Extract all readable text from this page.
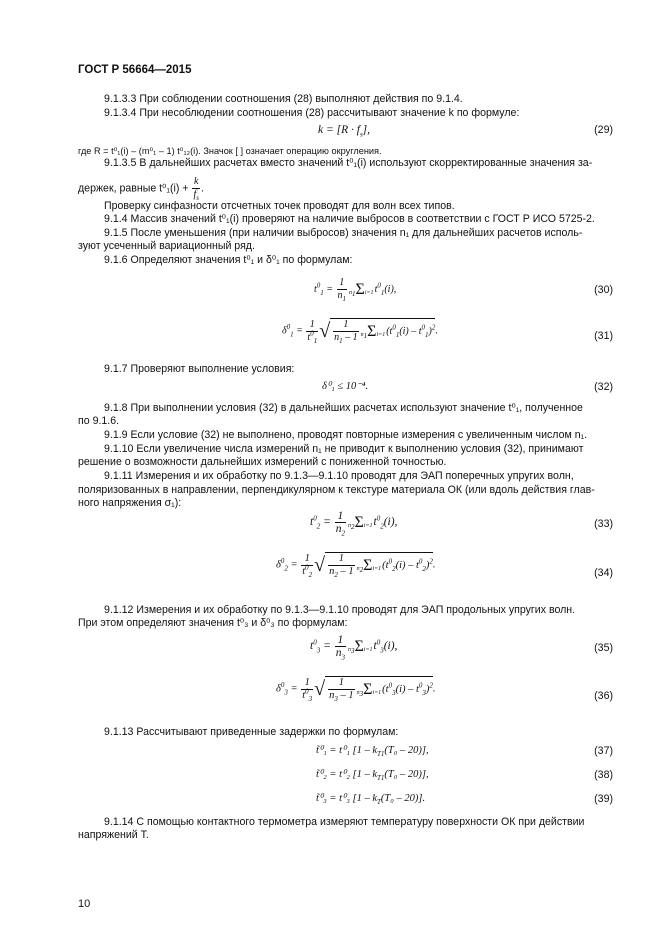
ГОСТ Р 56664—2015
9.1.3.3 При соблюдении соотношения (28) выполняют действия по 9.1.4.
9.1.3.4 При несоблюдении соотношения (28) рассчитывают значение k по формуле:
$k = [R \cdot f_s]$,	(29)
где R = t⁰₁(i) – (m⁰₁ – 1) t⁰₁₂(i). Значок [ ] означает операцию округления.
9.1.3.5 В дальнейших расчетах вместо значений t⁰₁(i) используют скорректированные значения за-
держек, равные $t^0_1(i) + \frac{k}{f_s}$ .
Проверку синфазности отсчетных точек проводят для волн всех типов.
9.1.4 Массив значений t⁰₁(i) проверяют на наличие выбросов в соответствии с ГОСТ Р ИСО 5725-2.
9.1.5 После уменьшения (при наличии выбросов) значения n₁ для дальнейших расчетов исполь-
зуют усеченный вариационный ряд.
9.1.6 Определяют значения t⁰₁ и δ⁰₁ по формулам:
$t^0_1 = \frac{1}{n_1} n_1\Sigma i=1t^0_1(i)$,	(30)
$\delta^0_1 = \frac{1}{t^0_1}$ √ $\frac{1}{n_1 - 1} n_1\Sigma i=1(t^0_1(i) - t^0_1)^2$.	(31)
9.1.7 Проверяют выполнение условия:
δ⁰₁ ≤ 10⁻⁴.	(32)
9.1.8 При выполнении условия (32) в дальнейших расчетах используют значение t⁰₁, полученное
по 9.1.6.
9.1.9 Если условие (32) не выполнено, проводят повторные измерения с увеличенным числом n₁.
9.1.10 Если увеличение числа измерений n₁ не приводит к выполнению условия (32), принимают
решение о возможности дальнейших измерений с пониженной точностью.
9.1.11 Измерения и их обработку по 9.1.3—9.1.10 проводят для ЭАП поперечных упругих волн,
поляризованных в направлении, перпендикулярном к текстуре материала ОК (или вдоль действия глав-
ного напряжения σ₁):
$t^0_2 = \frac{1}{n_2} n_2\Sigma i=1t^0_2(i)$,	(33)
$\delta^0_2 = \frac{1}{t^0_2}$ √ $\frac{1}{n_2 - 1} n_2\Sigma i=1(t^0_2(i) - t^0_2)^2$.
(34)
9.1.12 Измерения и их обработку по 9.1.3—9.1.10 проводят для ЭАП продольных упругих волн.
При этом определяют значения t⁰₃ и δ⁰₃ по формулам:
$t^0_3 = \frac{1}{n_3} n_3\Sigma i=1t^0_3(i)$,	(35)
$\delta^0_3 = \frac{1}{t^0_3}$ √ $\frac{1}{n_3 - 1} n_3\Sigma i=1(t^0_3(i) - t^0_3)^2$.
(36)
9.1.13 Рассчитывают приведенные задержки по формулам:
t̃⁰₁ = t⁰₁ $[1 - k_{T1}(T_0 - 20)]$,	(37)
t̃⁰₂ = t⁰₂ $[1 - k_{T1}(T_0 - 20)]$,	(38)
t̃⁰₃ = t⁰₃ $[1 - k_T(T_0 - 20)]$.	(39)
9.1.14 С помощью контактного термометра измеряют температуру поверхности ОК при действии
напряжений T.
10
